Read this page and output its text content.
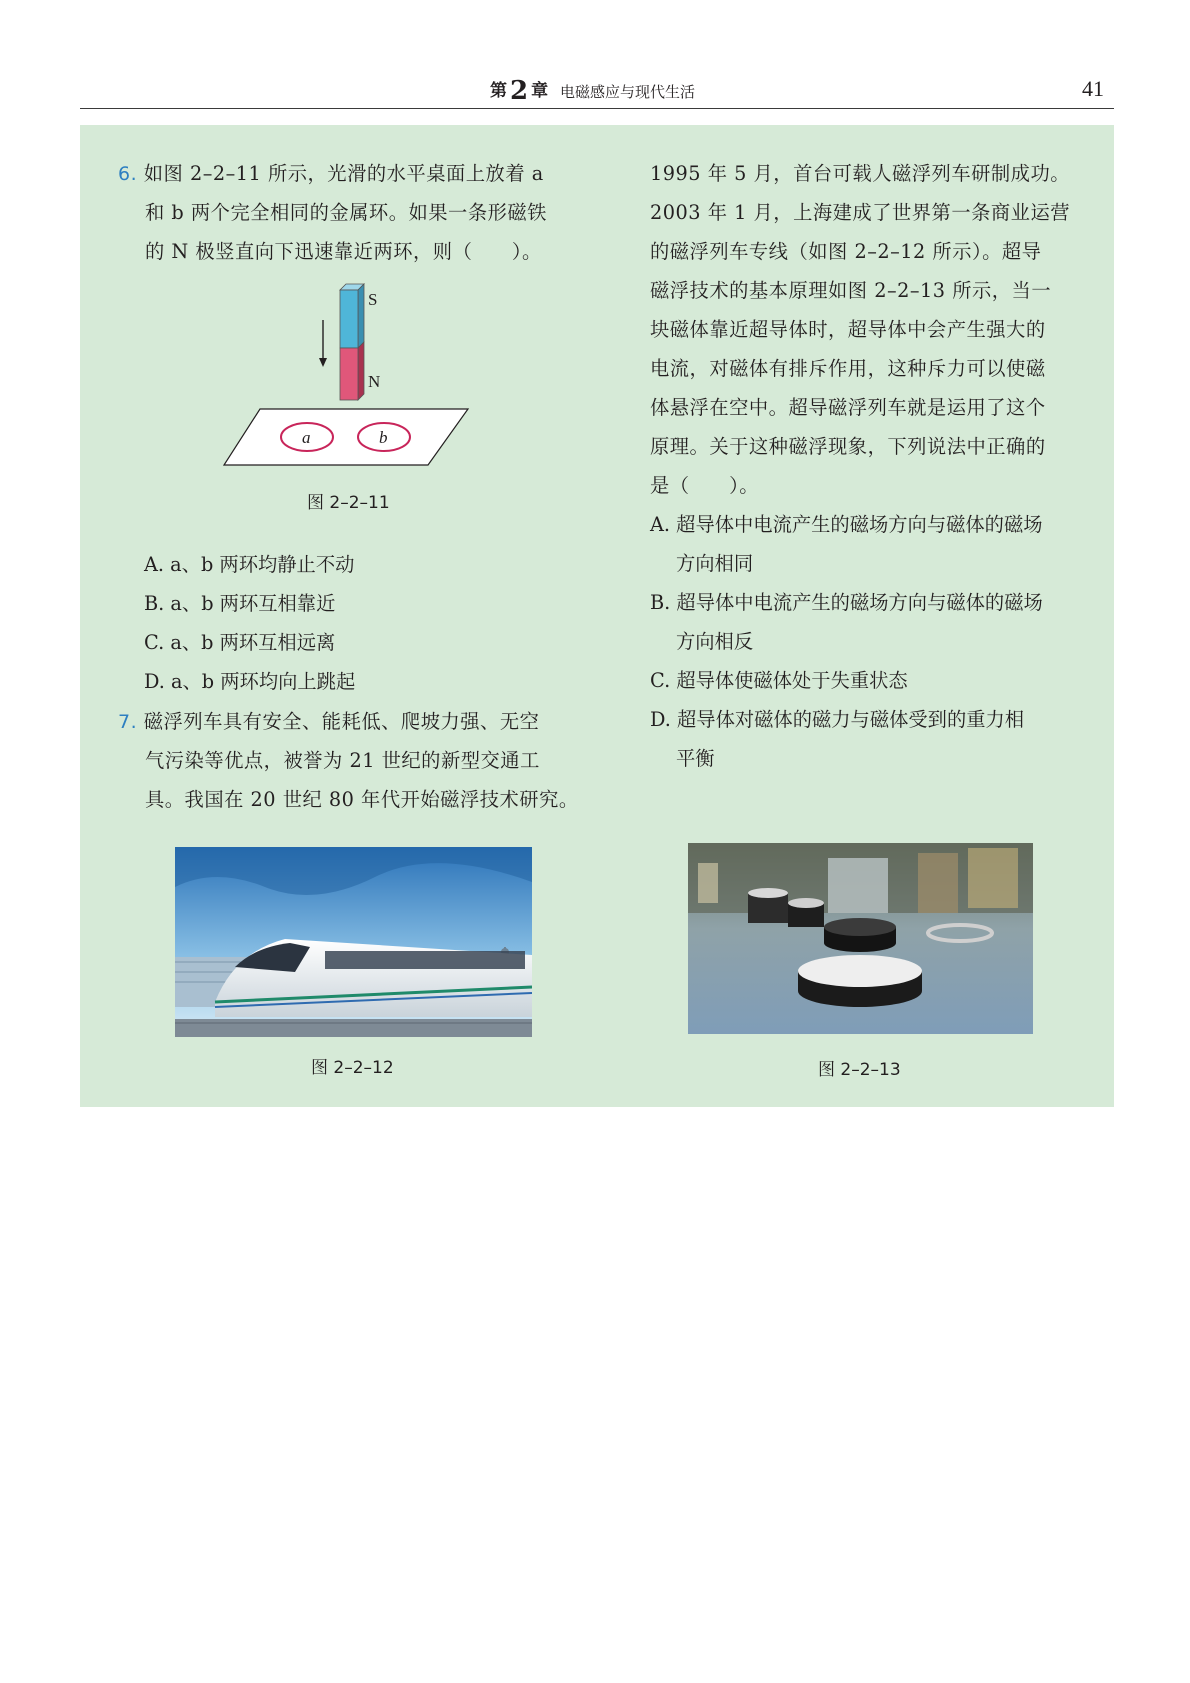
第 2 章 电磁感应与现代生活	41
6. 如图 2–2–11 所示，光滑的水平桌面上放着 a
和 b 两个完全相同的金属环。如果一条形磁铁
的 N 极竖直向下迅速靠近两环，则（　　）。
S
N
a	b
图 2–2–11
A. a、b 两环均静止不动
B. a、b 两环互相靠近
C. a、b 两环互相远离
D. a、b 两环均向上跳起
7. 磁浮列车具有安全、能耗低、爬坡力强、无空
气污染等优点，被誉为 21 世纪的新型交通工
具。我国在 20 世纪 80 年代开始磁浮技术研究。
1995 年 5 月，首台可载人磁浮列车研制成功。
2003 年 1 月，上海建成了世界第一条商业运营
的磁浮列车专线（如图 2–2–12 所示）。超导
磁浮技术的基本原理如图 2–2–13 所示，当一
块磁体靠近超导体时，超导体中会产生强大的
电流，对磁体有排斥作用，这种斥力可以使磁
体悬浮在空中。超导磁浮列车就是运用了这个
原理。关于这种磁浮现象，下列说法中正确的
是（　　）。
A. 超导体中电流产生的磁场方向与磁体的磁场
方向相同
B. 超导体中电流产生的磁场方向与磁体的磁场
方向相反
C. 超导体使磁体处于失重状态
D. 超导体对磁体的磁力与磁体受到的重力相
平衡
图 2–2–12	图 2–2–13
